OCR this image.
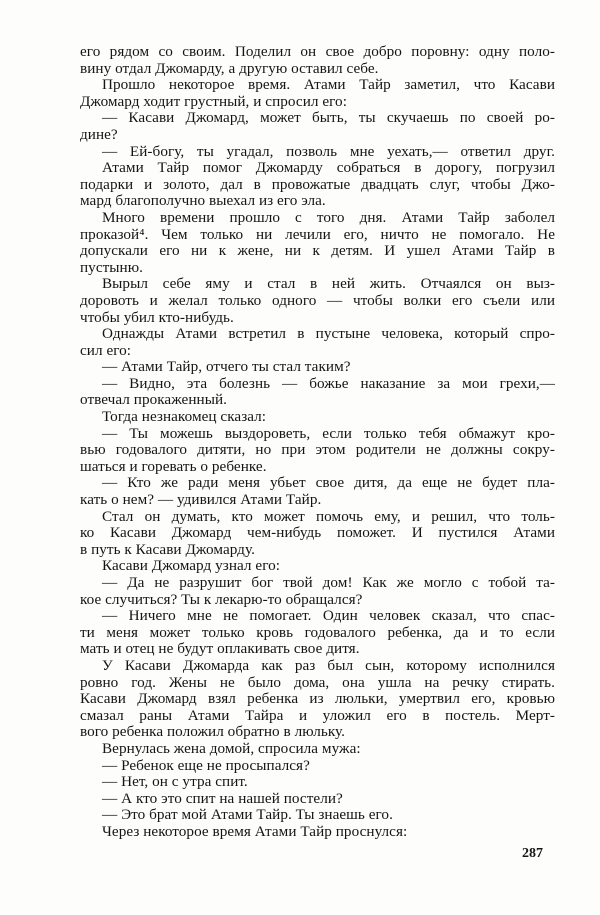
его рядом со своим. Поделил он свое добро поровну: одну поло-
вину отдал Джомарду, а другую оставил себе.
Прошло некоторое время. Атами Тайр заметил, что Касави
Джомард ходит грустный, и спросил его:
— Касави Джомард, может быть, ты скучаешь по своей ро-
дине?
— Ей-богу, ты угадал, позволь мне уехать,— ответил друг.
Атами Тайр помог Джомарду собраться в дорогу, погрузил
подарки и золото, дал в провожатые двадцать слуг, чтобы Джо-
мард благополучно выехал из его эла.
Много времени прошло с того дня. Атами Тайр заболел
проказой⁴. Чем только ни лечили его, ничто не помогало. Не
допускали его ни к жене, ни к детям. И ушел Атами Тайр в
пустыню.
Вырыл себе яму и стал в ней жить. Отчаялся он выз-
доровоть и желал только одного — чтобы волки его съели или
чтобы убил кто-нибудь.
Однажды Атами встретил в пустыне человека, который спро-
сил его:
— Атами Тайр, отчего ты стал таким?
— Видно, эта болезнь — божье наказание за мои грехи,—
отвечал прокаженный.
Тогда незнакомец сказал:
— Ты можешь выздороветь, если только тебя обмажут кро-
вью годовалого дитяти, но при этом родители не должны сокру-
шаться и горевать о ребенке.
— Кто же ради меня убьет свое дитя, да еще не будет пла-
кать о нем? — удивился Атами Тайр.
Стал он думать, кто может помочь ему, и решил, что толь-
ко Касави Джомард чем-нибудь поможет. И пустился Атами
в путь к Касави Джомарду.
Касави Джомард узнал его:
— Да не разрушит бог твой дом! Как же могло с тобой та-
кое случиться? Ты к лекарю-то обращался?
— Ничего мне не помогает. Один человек сказал, что спас-
ти меня может только кровь годовалого ребенка, да и то если
мать и отец не будут оплакивать свое дитя.
У Касави Джомарда как раз был сын, которому исполнился
ровно год. Жены не было дома, она ушла на речку стирать.
Касави Джомард взял ребенка из люльки, умертвил его, кровью
смазал раны Атами Тайра и уложил его в постель. Мерт-
вого ребенка положил обратно в люльку.
Вернулась жена домой, спросила мужа:
— Ребенок еще не просыпался?
— Нет, он с утра спит.
— А кто это спит на нашей постели?
— Это брат мой Атами Тайр. Ты знаешь его.
Через некоторое время Атами Тайр проснулся:
287
